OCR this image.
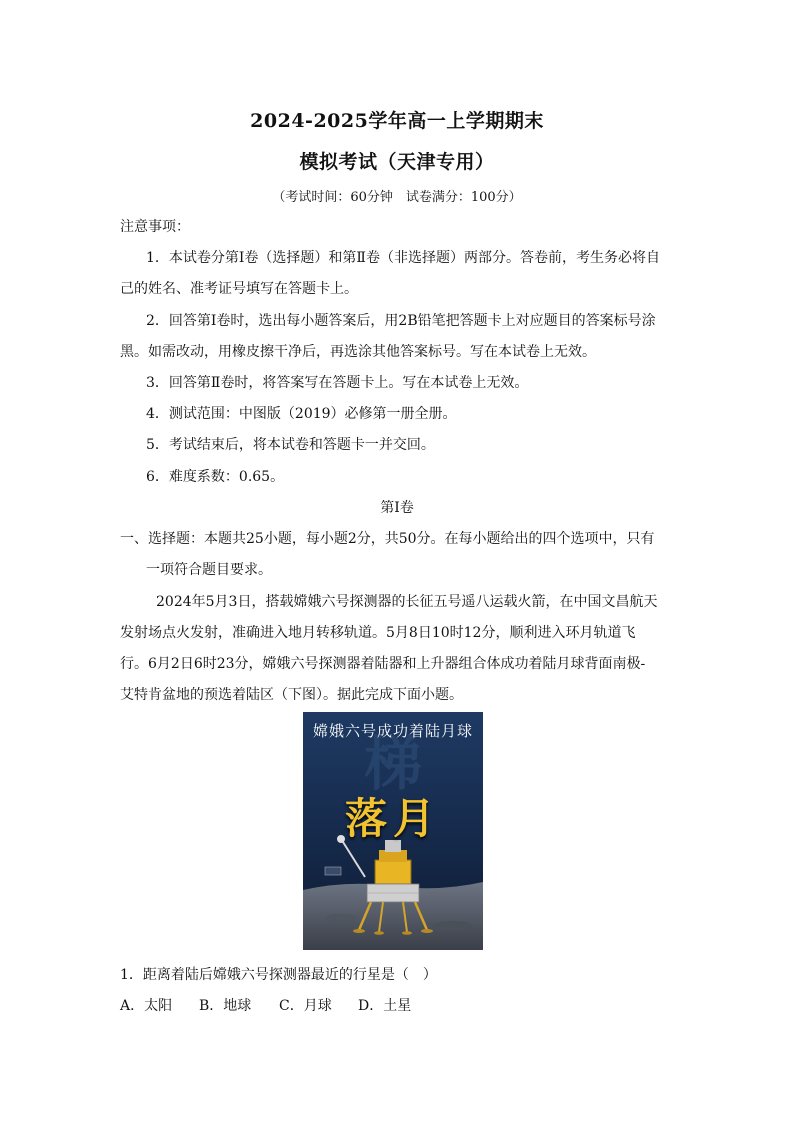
2024-2025学年高一上学期期末
模拟考试（天津专用）
（考试时间：60分钟　试卷满分：100分）
注意事项：
1．本试卷分第Ⅰ卷（选择题）和第Ⅱ卷（非选择题）两部分。答卷前，考生务必将自
己的姓名、准考证号填写在答题卡上。
2．回答第Ⅰ卷时，选出每小题答案后，用2B铅笔把答题卡上对应题目的答案标号涂
黑。如需改动，用橡皮擦干净后，再选涂其他答案标号。写在本试卷上无效。
3．回答第Ⅱ卷时，将答案写在答题卡上。写在本试卷上无效。
4．测试范围：中图版（2019）必修第一册全册。
5．考试结束后，将本试卷和答题卡一并交回。
6．难度系数：0.65。
第Ⅰ卷
一、选择题：本题共25小题，每小题2分，共50分。在每小题给出的四个选项中，只有
一项符合题目要求。
2024年5月3日，搭载嫦娥六号探测器的长征五号遥八运载火箭，在中国文昌航天
发射场点火发射，准确进入地月转移轨道。5月8日10时12分，顺利进入环月轨道飞
行。6月2日6时23分，嫦娥六号探测器着陆器和上升器组合体成功着陆月球背面南极-
艾特肯盆地的预选着陆区（下图）。据此完成下面小题。
梯
嫦娥六号成功着陆月球
落月
1．距离着陆后嫦娥六号探测器最近的行星是（　）
A．太阳 B．地球 C．月球 D．土星
